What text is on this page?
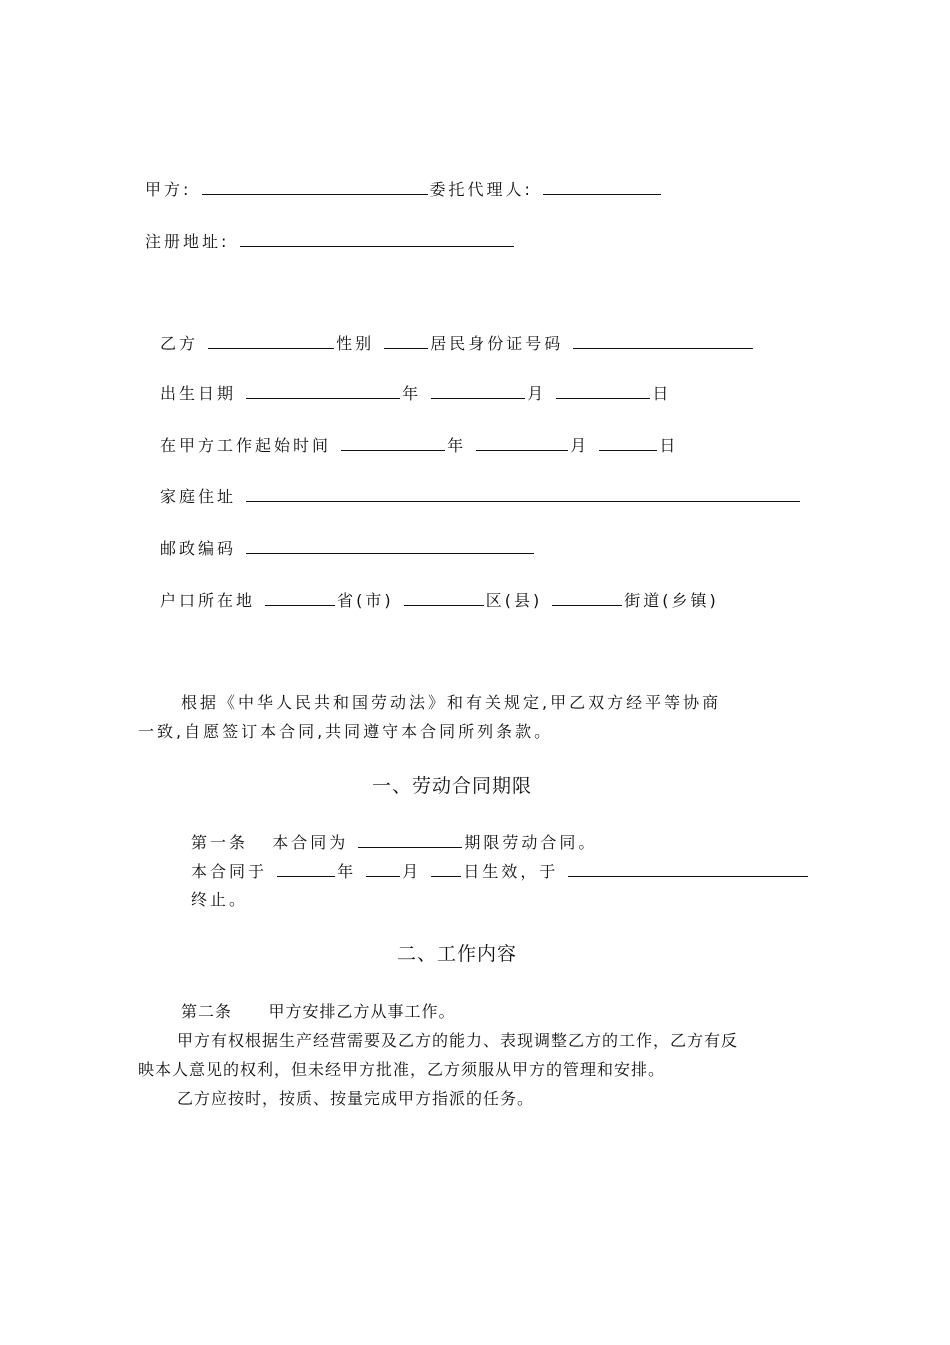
甲方:	委托代理人:
注册地址:
乙方	性别	居民身份证号码
出生日期	年	月	日
在甲方工作起始时间	年	月	日
家庭住址
邮政编码
户口所在地	省(市)	区(县)	街道(乡镇)
根据《中华人民共和国劳动法》和有关规定,甲乙双方经平等协商
一致,自愿签订本合同,共同遵守本合同所列条款。
一、劳动合同期限
第一条   本合同为	期限劳动合同。
本合同于	年	月	日生效，于
终止。
二、工作内容
第二条      甲方安排乙方从事工作。
甲方有权根据生产经营需要及乙方的能力、表现调整乙方的工作，乙方有反
映本人意见的权利，但未经甲方批准，乙方须服从甲方的管理和安排。
乙方应按时，按质、按量完成甲方指派的任务。
